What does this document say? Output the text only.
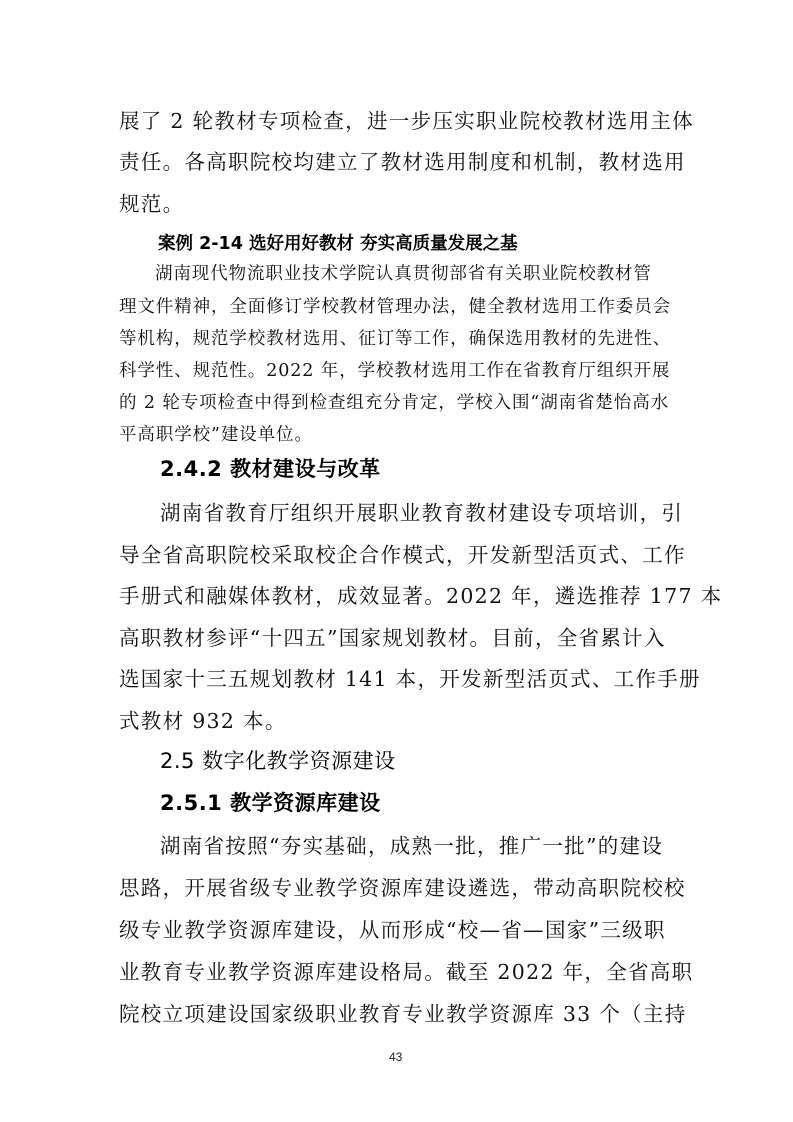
展了 2 轮教材专项检查，进一步压实职业院校教材选用主体
责任。各高职院校均建立了教材选用制度和机制，教材选用
规范。
案例 2-14 选好用好教材 夯实高质量发展之基
湖南现代物流职业技术学院认真贯彻部省有关职业院校教材管
理文件精神，全面修订学校教材管理办法，健全教材选用工作委员会
等机构，规范学校教材选用、征订等工作，确保选用教材的先进性、
科学性、规范性。2022 年，学校教材选用工作在省教育厅组织开展
的 2 轮专项检查中得到检查组充分肯定，学校入围“湖南省楚怡高水
平高职学校”建设单位。
2.4.2 教材建设与改革
湖南省教育厅组织开展职业教育教材建设专项培训，引
导全省高职院校采取校企合作模式，开发新型活页式、工作
手册式和融媒体教材，成效显著。2022 年，遴选推荐 177 本
高职教材参评“十四五”国家规划教材。目前，全省累计入
选国家十三五规划教材 141 本，开发新型活页式、工作手册
式教材 932 本。
2.5 数字化教学资源建设
2.5.1 教学资源库建设
湖南省按照“夯实基础，成熟一批，推广一批”的建设
思路，开展省级专业教学资源库建设遴选，带动高职院校校
级专业教学资源库建设，从而形成“校—省—国家”三级职
业教育专业教学资源库建设格局。截至 2022 年，全省高职
院校立项建设国家级职业教育专业教学资源库 33 个（主持
43
